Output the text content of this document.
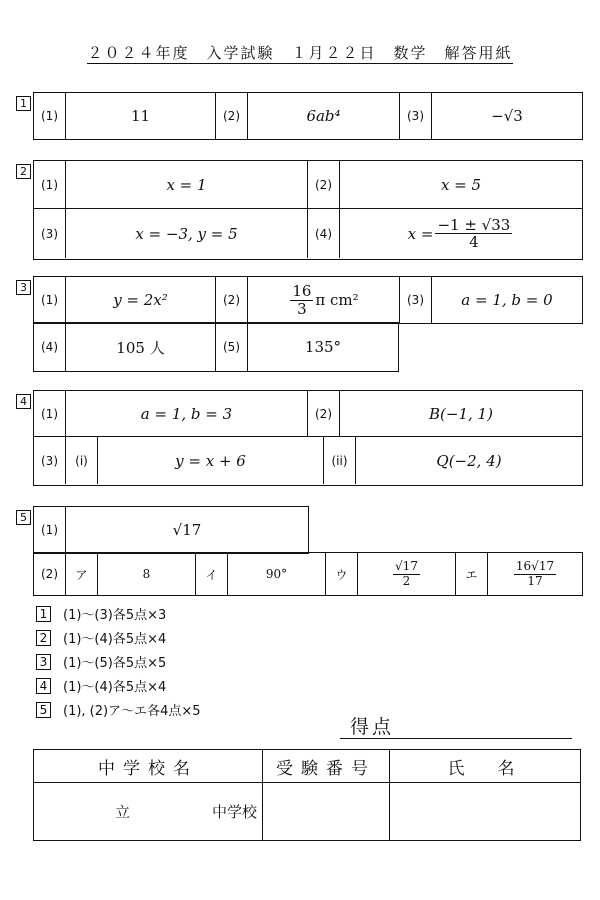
２０２４年度　入学試験　１月２２日　数学　解答用紙
1
(1)	11	(2)	6ab⁴	(3)	−√3
2
(1)	x = 1	(2)	x = 5
(3)	x = −3, y = 5	(4)	$x = \frac{-1 \pm √33}{4}$
3
(1)	y = 2x²	(2)	$\frac{16}{3}$ π cm²	(3)	a = 1, b = 0
(4)	105 人	(5)	135°
4
(1)	a = 1, b = 3	(2)	B(−1, 1)
(3)	(i)	y = x + 6	(ii)	Q(−2, 4)
5
(1)	√17
(2)	ア	8	イ	90°	ウ	$\frac{√17}{2}$	エ	$\frac{16√17}{17}$
1 (1)〜(3)各5点×3
2 (1)〜(4)各5点×4
3 (1)〜(5)各5点×5
4 (1)〜(4)各5点×4
5 (1), (2)ア〜エ各4点×5
得点
中学校名	受験番号	氏　名

立 中学校		
